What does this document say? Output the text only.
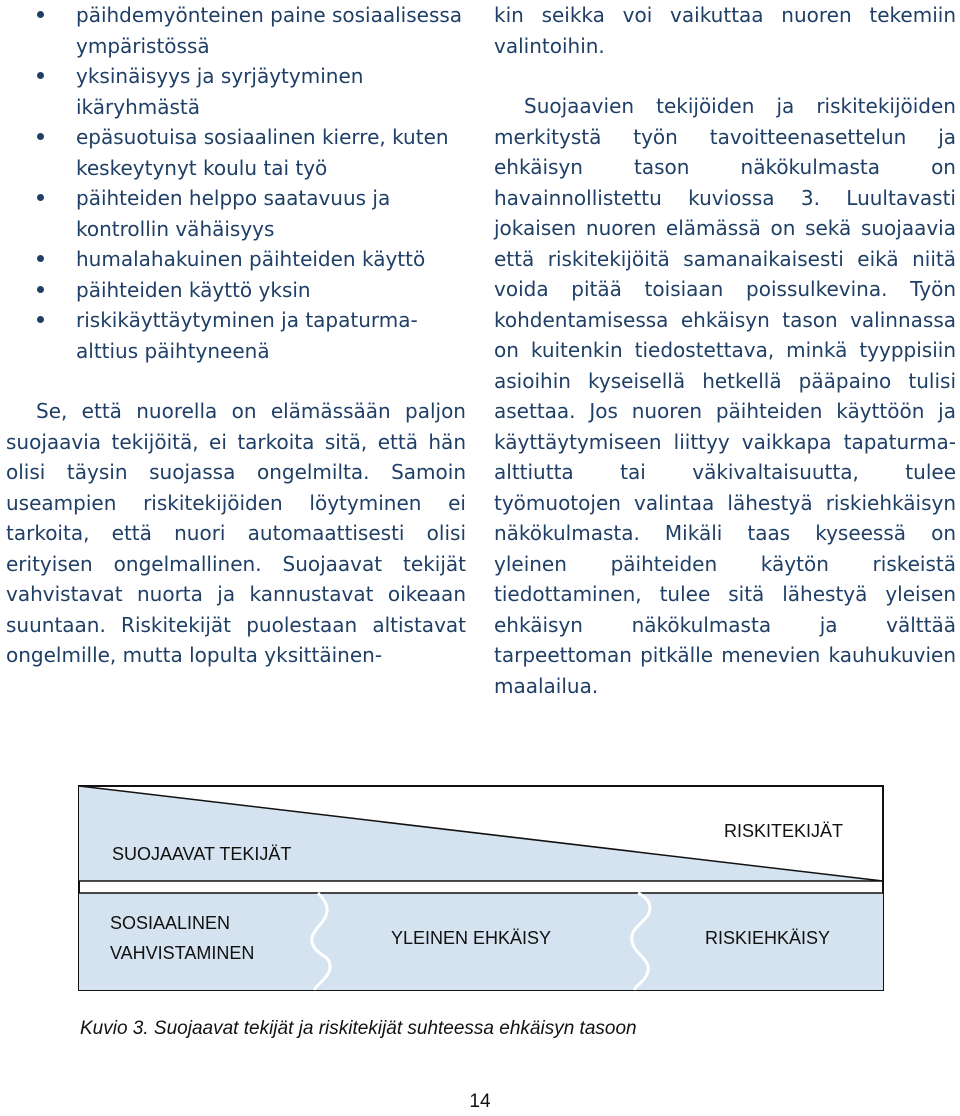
päihdemyönteinen paine sosiaalisessa ympäristössä
yksinäisyys ja syrjäytyminen ikäryhmästä
epäsuotuisa sosiaalinen kierre, kuten keskeytynyt koulu tai työ
päihteiden helppo saatavuus ja kontrollin vähäisyys
humalahakuinen päihteiden käyttö
päihteiden käyttö yksin
riskikäyttäytyminen ja tapaturma-alttius päihtyneenä

Se, että nuorella on elämässään paljon suojaavia tekijöitä, ei tarkoita sitä, että hän olisi täysin suojassa ongelmilta. Samoin useampien riskitekijöiden löytyminen ei tarkoita, että nuori automaattisesti olisi erityisen ongelmallinen. Suojaavat tekijät vahvistavat nuorta ja kannustavat oikeaan suuntaan. Riskitekijät puolestaan altistavat ongelmille, mutta lopulta yksittäinen-

kin seikka voi vaikuttaa nuoren tekemiin valintoihin.

Suojaavien tekijöiden ja riskitekijöiden merkitystä työn tavoitteenasettelun ja ehkäisyn tason näkökulmasta on havainnollistettu kuviossa 3. Luultavasti jokaisen nuoren elämässä on sekä suojaavia että riskitekijöitä samanaikaisesti eikä niitä voida pitää toisiaan poissulkevina. Työn kohdentamisessa ehkäisyn tason valinnassa on kuitenkin tiedostettava, minkä tyyppisiin asioihin kyseisellä hetkellä pääpaino tulisi asettaa. Jos nuoren päihteiden käyttöön ja käyttäytymiseen liittyy vaikkapa tapaturma-alttiutta tai väkivaltaisuutta, tulee työmuotojen valintaa lähestyä riskiehkäisyn näkökulmasta. Mikäli taas kyseessä on yleinen päihteiden käytön riskeistä tiedottaminen, tulee sitä lähestyä yleisen ehkäisyn näkökulmasta ja välttää tarpeettoman pitkälle menevien kauhukuvien maalailua.

SUOJAAVAT TEKIJÄT
RISKITEKIJÄT
SOSIAALINEN
VAHVISTAMINEN
YLEINEN EHKÄISY	RISKIEHKÄISY
Kuvio 3. Suojaavat tekijät ja riskitekijät suhteessa ehkäisyn tasoon
14
